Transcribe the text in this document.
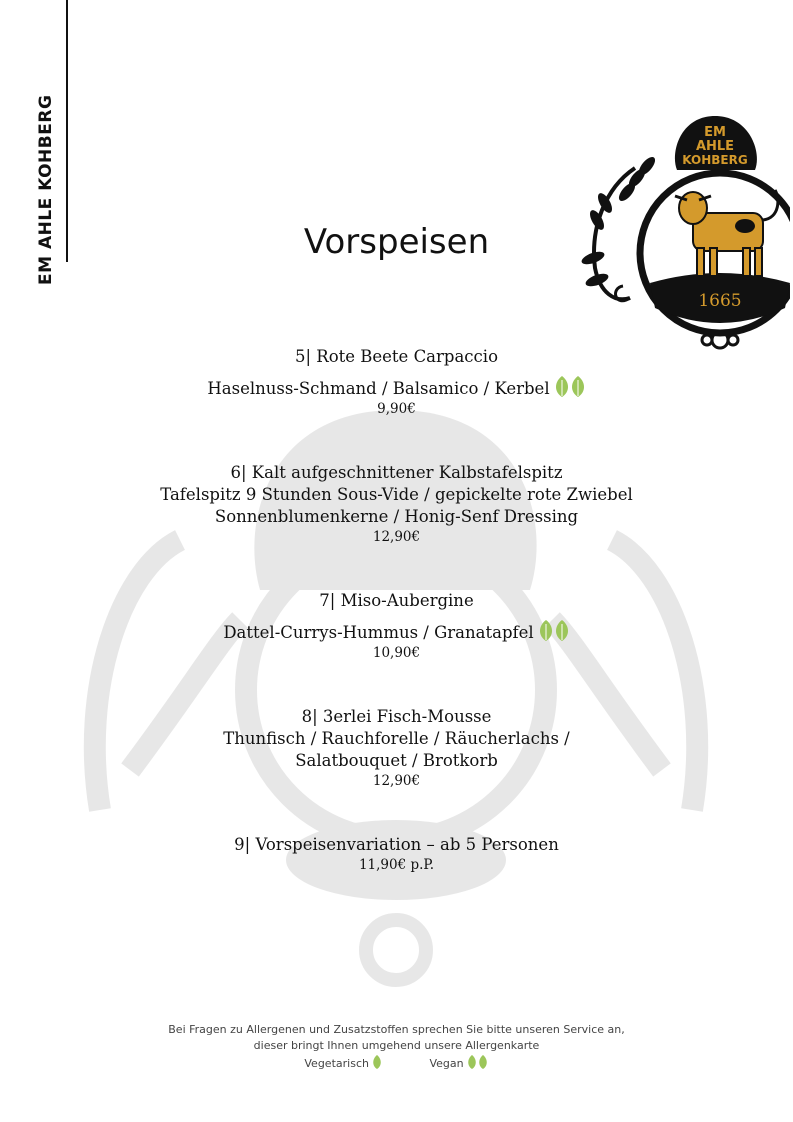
EM AHLE KOHBERG	EM
AHLE
KOHBERG
1665
Vorspeisen
5| Rote Beete Carpaccio
Haselnuss-Schmand / Balsamico / Kerbel
9,90€
6| Kalt aufgeschnittener Kalbstafelspitz
Tafelspitz 9 Stunden Sous-Vide / gepickelte rote Zwiebel
Sonnenblumenkerne / Honig-Senf Dressing
12,90€
7| Miso-Aubergine
Dattel-Currys-Hummus / Granatapfel
10,90€
8| 3erlei Fisch-Mousse
Thunfisch / Rauchforelle / Räucherlachs /
Salatbouquet / Brotkorb
12,90€
9| Vorspeisenvariation – ab 5 Personen
11,90€ p.P.
Bei Fragen zu Allergenen und Zusatzstoffen sprechen Sie bitte unseren Service an,
dieser bringt Ihnen umgehend unsere Allergenkarte
Vegetarisch	Vegan
